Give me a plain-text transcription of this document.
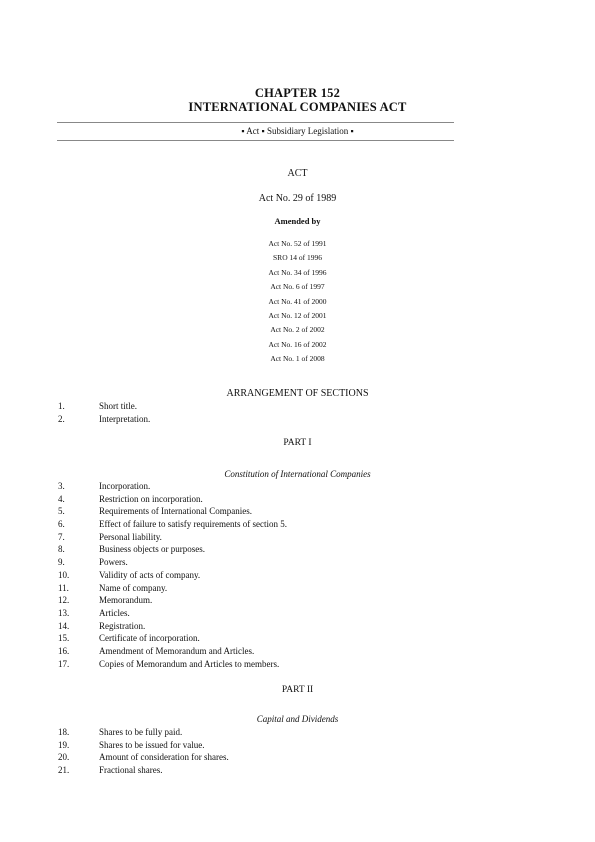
CHAPTER 152
INTERNATIONAL COMPANIES ACT
▪ Act ▪ Subsidiary Legislation ▪
ACT
Act No. 29 of 1989
Amended by
Act No. 52 of 1991
SRO 14 of 1996
Act No. 34 of 1996
Act No. 6 of 1997
Act No. 41 of 2000
Act No. 12 of 2001
Act No. 2 of 2002
Act No. 16 of 2002
Act No. 1 of 2008
ARRANGEMENT OF SECTIONS
1.	Short title.
2.	Interpretation.
PART I
Constitution of International Companies
3.	Incorporation.
4.	Restriction on incorporation.
5.	Requirements of International Companies.
6.	Effect of failure to satisfy requirements of section 5.
7.	Personal liability.
8.	Business objects or purposes.
9.	Powers.
10.	Validity of acts of company.
11.	Name of company.
12.	Memorandum.
13.	Articles.
14.	Registration.
15.	Certificate of incorporation.
16.	Amendment of Memorandum and Articles.
17.	Copies of Memorandum and Articles to members.
PART II
Capital and Dividends
18.	Shares to be fully paid.
19.	Shares to be issued for value.
20.	Amount of consideration for shares.
21.	Fractional shares.
